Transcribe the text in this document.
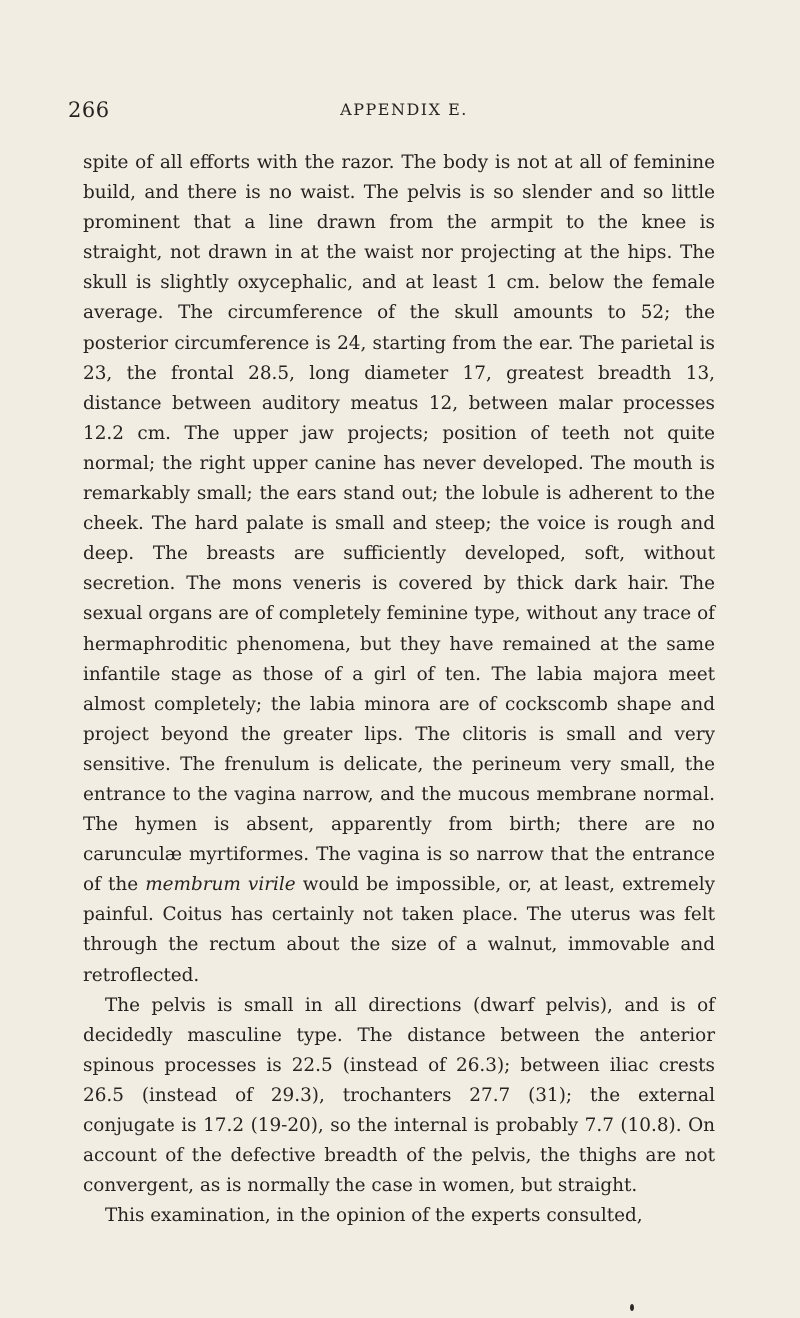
266	APPENDIX E.

spite of all efforts with the razor. The body is not at all of feminine build, and there is no waist. The pelvis is so slender and so little prominent that a line drawn from the armpit to the knee is straight, not drawn in at the waist nor projecting at the hips. The skull is slightly oxycephalic, and at least 1 cm. below the female average. The circumference of the skull amounts to 52; the posterior circumference is 24, starting from the ear. The parietal is 23, the frontal 28.5, long diameter 17, greatest breadth 13, distance between auditory meatus 12, between malar processes 12.2 cm. The upper jaw projects; position of teeth not quite normal; the right upper canine has never developed. The mouth is remarkably small; the ears stand out; the lobule is adherent to the cheek. The hard palate is small and steep; the voice is rough and deep. The breasts are sufficiently developed, soft, without secretion. The mons veneris is covered by thick dark hair. The sexual organs are of completely feminine type, without any trace of hermaphroditic phenomena, but they have remained at the same infantile stage as those of a girl of ten. The labia majora meet almost completely; the labia minora are of cockscomb shape and project beyond the greater lips. The clitoris is small and very sensitive. The frenulum is delicate, the perineum very small, the entrance to the vagina narrow, and the mucous membrane normal. The hymen is absent, apparently from birth; there are no carunculæ myrtiformes. The vagina is so narrow that the entrance of the membrum virile would be impossible, or, at least, extremely painful. Coitus has certainly not taken place. The uterus was felt through the rectum about the size of a walnut, immovable and retroflected.

The pelvis is small in all directions (dwarf pelvis), and is of decidedly masculine type. The distance between the anterior spinous processes is 22.5 (instead of 26.3); between iliac crests 26.5 (instead of 29.3), trochanters 27.7 (31); the external conjugate is 17.2 (19-20), so the internal is probably 7.7 (10.8). On account of the defective breadth of the pelvis, the thighs are not convergent, as is normally the case in women, but straight.

This examination, in the opinion of the experts consulted,
